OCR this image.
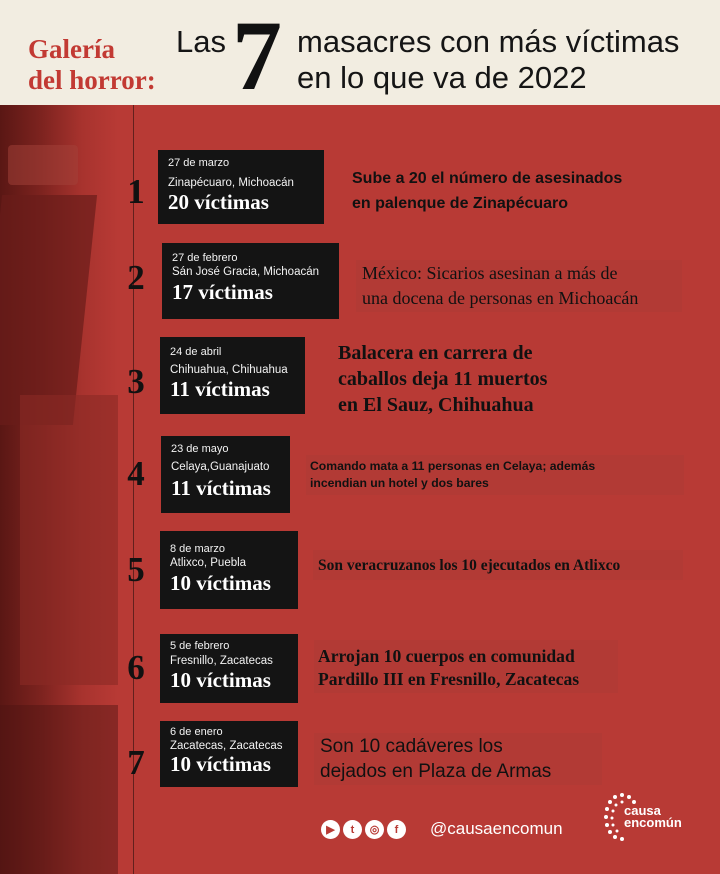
Galería
del horror:
Las 7 masacres con más víctimas
en lo que va de 2022
1
27 de marzo
Zinapécuaro, Michoacán
20 víctimas
Sube a 20 el número de asesinados
en palenque de Zinapécuaro
2 27 de febrero
Sán José Gracia, Michoacán
17 víctimas
México: Sicarios asesinan a más de
una docena de personas en Michoacán
3
24 de abril
Chihuahua, Chihuahua
11 víctimas
Balacera en carrera de
caballos deja 11 muertos
en El Sauz, Chihuahua
4
23 de mayo
Celaya,Guanajuato
11 víctimas
Comando mata a 11 personas en Celaya; además
incendian un hotel y dos bares
5
8 de marzo
Atlixco, Puebla
10 víctimas
Son veracruzanos los 10 ejecutados en Atlixco
6
5 de febrero
Fresnillo, Zacatecas
10 víctimas
Arrojan 10 cuerpos en comunidad
Pardillo III en Fresnillo, Zacatecas
7
6 de enero
Zacatecas, Zacatecas
10 víctimas
Son 10 cadáveres los
dejados en Plaza de Armas
▶	t	◎	f	@causaencomun
causa
encomún
